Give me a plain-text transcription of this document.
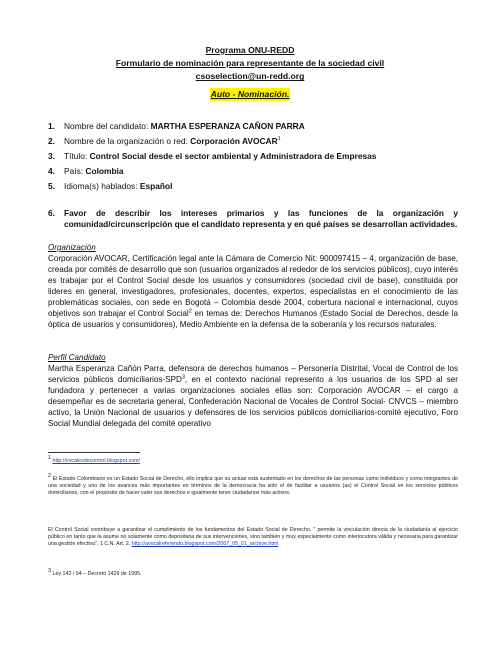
Programa ONU-REDD
Formulario de nominación para representante de la sociedad civil
csoselection@un-redd.org
Auto - Nominación.
1. Nombre del candidato: MARTHA ESPERANZA CAÑON PARRA
2. Nombre de la organización o red: Corporación AVOCAR$^1$
3. Título: Control Social desde el sector ambiental y Administradora de Empresas
4. País: Colombia
5. Idioma(s) hablados: Español
6. Favor de describir los intereses primarios y las funciones de la organización y comunidad/circunscripción que el candidato representa y en qué países se desarrollan actividades.
Organización
Corporación AVOCAR, Certificación legal ante la Cámara de Comercio Nit: 900097415 – 4, organización de base, creada por comités de desarrollo que son (usuarios organizados al rededor de los servicios públicos), cuyo interés es trabajar por el Control Social desde los usuarios y consumidores (sociedad civil de base), constituida por lideres en general, investigadores, profesionales, docentes, expertos, especialistas en el conocimiento de las problemáticas sociales, con sede en Bogotá – Colombia desde 2004, cobertura nacional e internacional, cuyos objetivos son trabajar el Control Social$^2$ en temas de: Derechos Humanos (Estado Social de Derechos, desde la óptica de usuarios y consumidores), Medio Ambiente en la defensa de la soberanía y los recursos naturales.
Perfil Candidato
Martha Esperanza Cañón Parra, defensora de derechos humanos – Personería Distrital, Vocal de Control de los servicios públicos domiciliarios-SPD$^3$, en el contexto nacional represento a los usuarios de los SPD al ser fundadora y pertenecer a varias organizaciones sociales ellas son: Corporación AVOCAR – el cargo a desempeñar es de secretaria general, Confederación Nacional de Vocales de Control Social- CNVCS – miembro activo, la Unión Nacional de usuarios y defensores de los servicios públicos domiciliarios-comité ejecutivo, Foro Social Mundial delegada del comité operativo
1 http://vocalesdecontrol.blogspot.com/
2 El Estado Colombiano es un Estado Social de Derecho, ello implica que su actuar está sustentado en los derechos de las personas como individuos y como integrantes de una sociedad y uno de los avances más importantes en términos de la democracia ha sido el de facilitar a usuarios (as) el Control Social en los servicios públicos domiciliarios, con el propósito de hacer valer sus derechos e igualmente tener ciudadanos más activos.
El Control Social contribuye a garantizar el cumplimiento de los fundamentos del Estado Social de Derecho, " permite la vinculación directa de la ciudadanía al ejercicio público en tanto que la asume no solamente como depositaria de sus intervenciones, sino también y muy especialmente como interlocutora válida y necesaria para garantizar una gestión efectiva", 1 C.N. Art. 2. http://avocalreferendo.blogspot.com/2007_05_01_archive.html
3 Ley 142 / 94 – Decreto 1429 de 1995.
